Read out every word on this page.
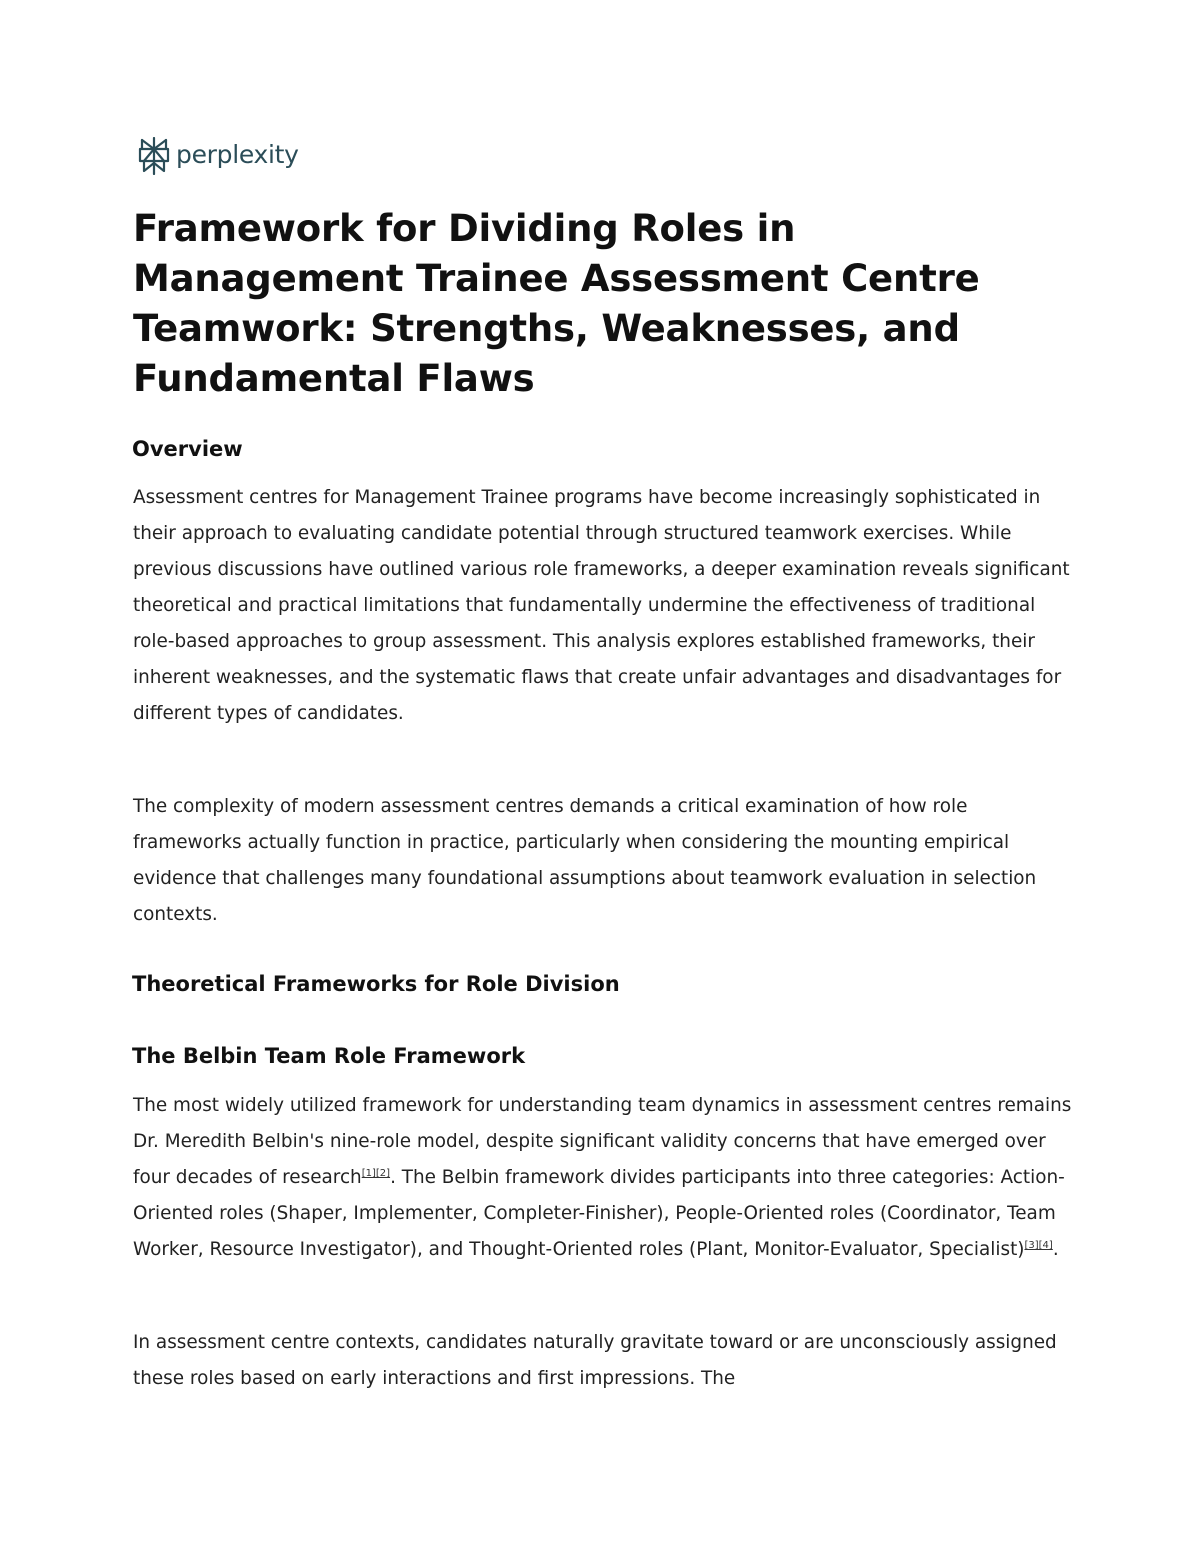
perplexity
Framework for Dividing Roles in Management Trainee Assessment Centre Teamwork: Strengths, Weaknesses, and Fundamental Flaws
Overview

Assessment centres for Management Trainee programs have become increasingly sophisticated in their approach to evaluating candidate potential through structured teamwork exercises. While previous discussions have outlined various role frameworks, a deeper examination reveals significant theoretical and practical limitations that fundamentally undermine the effectiveness of traditional role-based approaches to group assessment. This analysis explores established frameworks, their inherent weaknesses, and the systematic flaws that create unfair advantages and disadvantages for different types of candidates.

The complexity of modern assessment centres demands a critical examination of how role frameworks actually function in practice, particularly when considering the mounting empirical evidence that challenges many foundational assumptions about teamwork evaluation in selection contexts.

Theoretical Frameworks for Role Division
The Belbin Team Role Framework

The most widely utilized framework for understanding team dynamics in assessment centres remains Dr. Meredith Belbin's nine-role model, despite significant validity concerns that have emerged over four decades of research[1][2]. The Belbin framework divides participants into three categories: Action-Oriented roles (Shaper, Implementer, Completer-Finisher), People-Oriented roles (Coordinator, Team Worker, Resource Investigator), and Thought-Oriented roles (Plant, Monitor-Evaluator, Specialist)[3][4].

In assessment centre contexts, candidates naturally gravitate toward or are unconsciously assigned these roles based on early interactions and first impressions. The
